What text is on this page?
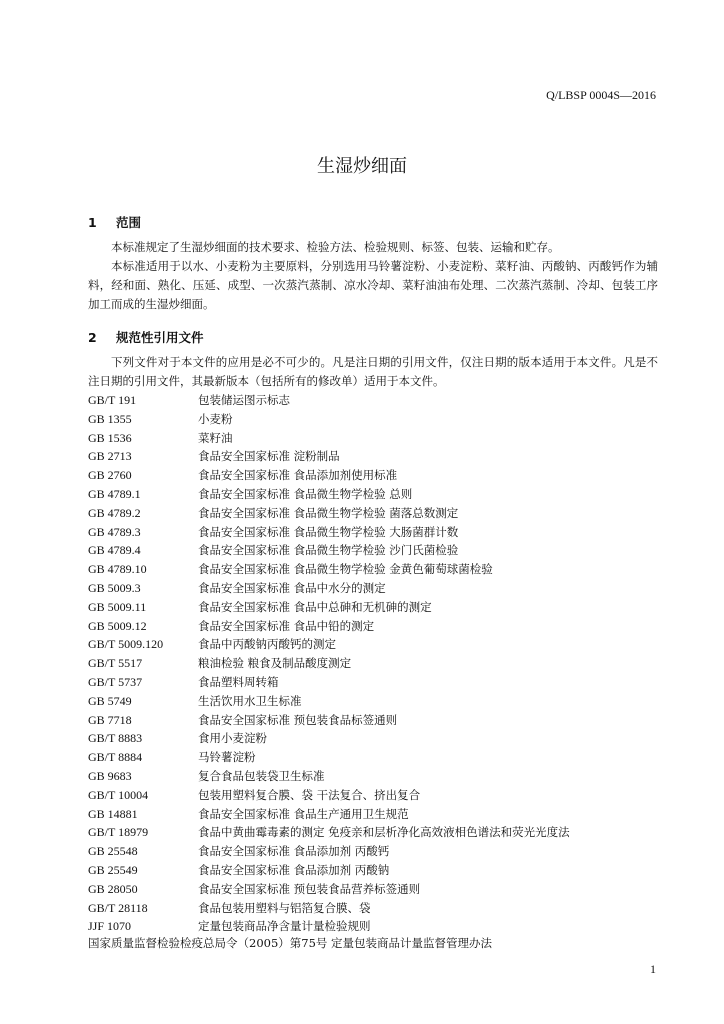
Q/LBSP 0004S—2016
生湿炒细面
1 范围

本标准规定了生湿炒细面的技术要求、检验方法、检验规则、标签、包装、运输和贮存。

本标准适用于以水、小麦粉为主要原料，分别选用马铃薯淀粉、小麦淀粉、菜籽油、丙酸钠、丙酸钙作为辅料，经和面、熟化、压延、成型、一次蒸汽蒸制、凉水冷却、菜籽油油布处理、二次蒸汽蒸制、冷却、包装工序加工而成的生湿炒细面。

2 规范性引用文件

下列文件对于本文件的应用是必不可少的。凡是注日期的引用文件，仅注日期的版本适用于本文件。凡是不注日期的引用文件，其最新版本（包括所有的修改单）适用于本文件。

GB/T 191	包装储运图示标志
GB 1355	小麦粉
GB 1536	菜籽油
GB 2713	食品安全国家标准 淀粉制品
GB 2760	食品安全国家标准 食品添加剂使用标准
GB 4789.1	食品安全国家标准 食品微生物学检验 总则
GB 4789.2	食品安全国家标准 食品微生物学检验 菌落总数测定
GB 4789.3	食品安全国家标准 食品微生物学检验 大肠菌群计数
GB 4789.4	食品安全国家标准 食品微生物学检验 沙门氏菌检验
GB 4789.10	食品安全国家标准 食品微生物学检验 金黄色葡萄球菌检验
GB 5009.3	食品安全国家标准 食品中水分的测定
GB 5009.11	食品安全国家标准 食品中总砷和无机砷的测定
GB 5009.12	食品安全国家标准 食品中铅的测定
GB/T 5009.120	食品中丙酸钠丙酸钙的测定
GB/T 5517	粮油检验 粮食及制品酸度测定
GB/T 5737	食品塑料周转箱
GB 5749	生活饮用水卫生标准
GB 7718	食品安全国家标准 预包装食品标签通则
GB/T 8883	食用小麦淀粉
GB/T 8884	马铃薯淀粉
GB 9683	复合食品包装袋卫生标准
GB/T 10004	包装用塑料复合膜、袋 干法复合、挤出复合
GB 14881	食品安全国家标准 食品生产通用卫生规范
GB/T 18979	食品中黄曲霉毒素的测定 免疫亲和层析净化高效液相色谱法和荧光光度法
GB 25548	食品安全国家标准 食品添加剂 丙酸钙
GB 25549	食品安全国家标准 食品添加剂 丙酸钠
GB 28050	食品安全国家标准 预包装食品营养标签通则
GB/T 28118	食品包装用塑料与铝箔复合膜、袋
JJF 1070	定量包装商品净含量计量检验规则
国家质量监督检验检疫总局令（2005）第75号 定量包装商品计量监督管理办法
1
